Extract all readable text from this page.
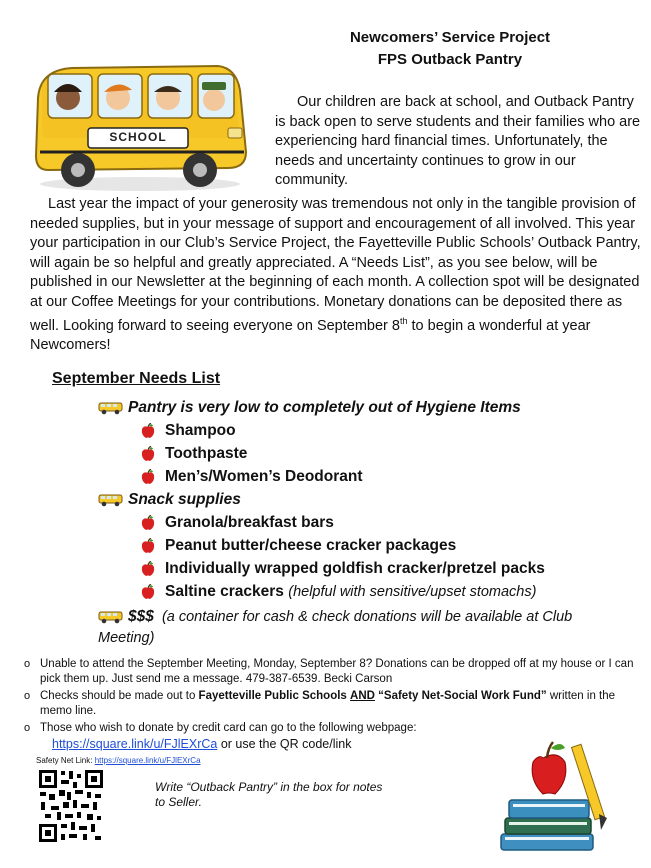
Newcomers’ Service Project
FPS Outback Pantry
SCHOOL
Our children are back at school, and Outback Pantry is back open to serve students and their families who are experiencing hard financial times. Unfortunately, the needs and uncertainty continues to grow in our community.
Last year the impact of your generosity was tremendous not only in the tangible provision of needed supplies, but in your message of support and encouragement of all involved. This year your participation in our Club’s Service Project, the Fayetteville Public Schools’ Outback Pantry, will again be so helpful and greatly appreciated. A “Needs List”, as you see below, will be published in our Newsletter at the beginning of each month. A collection spot will be designated at our Coffee Meetings for your contributions. Monetary donations can be deposited there as well. Looking forward to seeing everyone on September 8th to begin a wonderful at year Newcomers!
September Needs List
Pantry is very low to completely out of Hygiene Items
Shampoo
Toothpaste
Men’s/Women’s Deodorant
Snack supplies
Granola/breakfast bars
Peanut butter/cheese cracker packages
Individually wrapped goldfish cracker/pretzel packs
Saltine crackers (helpful with sensitive/upset stomachs)
$$$ (a container for cash & check donations will be available at Club Meeting)
o Unable to attend the September Meeting, Monday, September 8? Donations can be dropped off at my house or I can pick them up. Just send me a message. 479-387-6539. Becki Carson
o Checks should be made out to Fayetteville Public Schools AND “Safety Net-Social Work Fund” written in the memo line.
o Those who wish to donate by credit card can go to the following webpage:
https://square.link/u/FJlEXrCa or use the QR code/link
Safety Net Link: https://square.link/u/FJlEXrCa
Write “Outback Pantry” in the box for notes to Seller.
